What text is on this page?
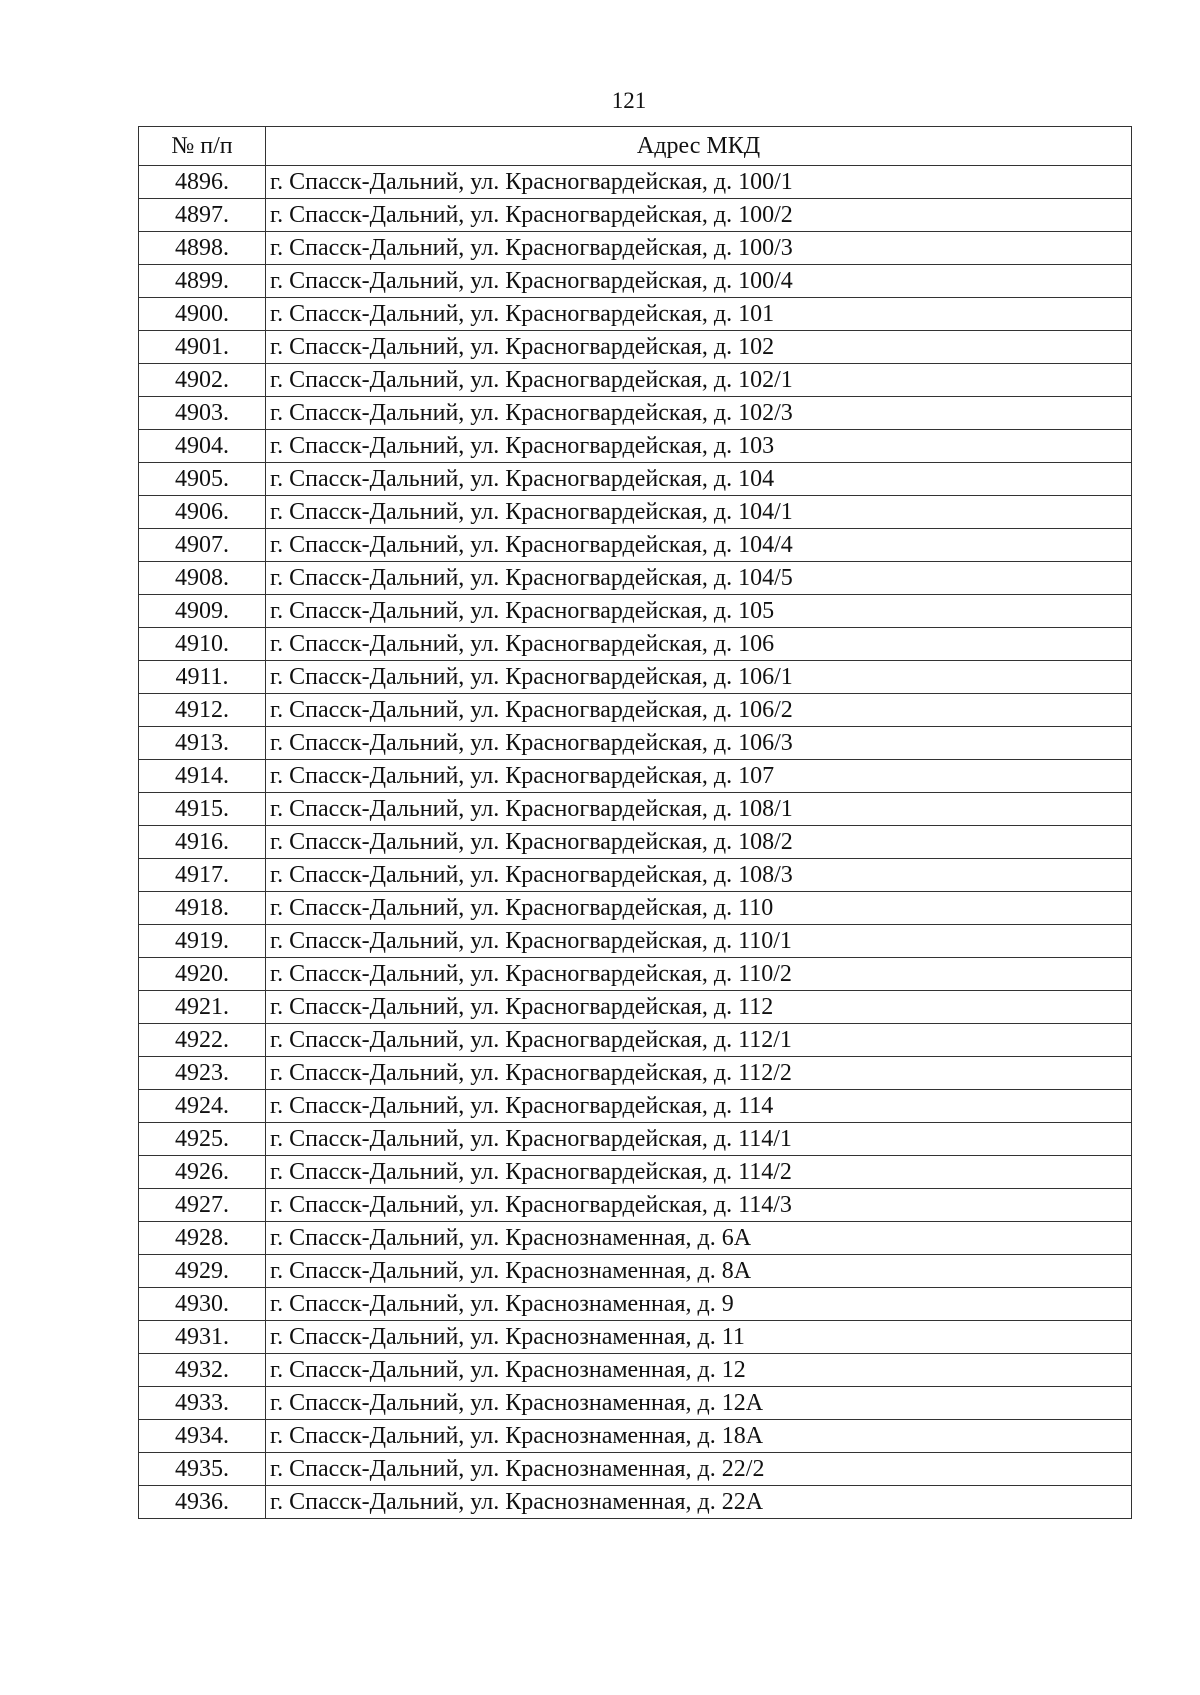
121
№ п/п	Адрес МКД
4896.	г. Спасск-Дальний, ул. Красногвардейская, д. 100/1
4897.	г. Спасск-Дальний, ул. Красногвардейская, д. 100/2
4898.	г. Спасск-Дальний, ул. Красногвардейская, д. 100/3
4899.	г. Спасск-Дальний, ул. Красногвардейская, д. 100/4
4900.	г. Спасск-Дальний, ул. Красногвардейская, д. 101
4901.	г. Спасск-Дальний, ул. Красногвардейская, д. 102
4902.	г. Спасск-Дальний, ул. Красногвардейская, д. 102/1
4903.	г. Спасск-Дальний, ул. Красногвардейская, д. 102/3
4904.	г. Спасск-Дальний, ул. Красногвардейская, д. 103
4905.	г. Спасск-Дальний, ул. Красногвардейская, д. 104
4906.	г. Спасск-Дальний, ул. Красногвардейская, д. 104/1
4907.	г. Спасск-Дальний, ул. Красногвардейская, д. 104/4
4908.	г. Спасск-Дальний, ул. Красногвардейская, д. 104/5
4909.	г. Спасск-Дальний, ул. Красногвардейская, д. 105
4910.	г. Спасск-Дальний, ул. Красногвардейская, д. 106
4911.	г. Спасск-Дальний, ул. Красногвардейская, д. 106/1
4912.	г. Спасск-Дальний, ул. Красногвардейская, д. 106/2
4913.	г. Спасск-Дальний, ул. Красногвардейская, д. 106/3
4914.	г. Спасск-Дальний, ул. Красногвардейская, д. 107
4915.	г. Спасск-Дальний, ул. Красногвардейская, д. 108/1
4916.	г. Спасск-Дальний, ул. Красногвардейская, д. 108/2
4917.	г. Спасск-Дальний, ул. Красногвардейская, д. 108/3
4918.	г. Спасск-Дальний, ул. Красногвардейская, д. 110
4919.	г. Спасск-Дальний, ул. Красногвардейская, д. 110/1
4920.	г. Спасск-Дальний, ул. Красногвардейская, д. 110/2
4921.	г. Спасск-Дальний, ул. Красногвардейская, д. 112
4922.	г. Спасск-Дальний, ул. Красногвардейская, д. 112/1
4923.	г. Спасск-Дальний, ул. Красногвардейская, д. 112/2
4924.	г. Спасск-Дальний, ул. Красногвардейская, д. 114
4925.	г. Спасск-Дальний, ул. Красногвардейская, д. 114/1
4926.	г. Спасск-Дальний, ул. Красногвардейская, д. 114/2
4927.	г. Спасск-Дальний, ул. Красногвардейская, д. 114/3
4928.	г. Спасск-Дальний, ул. Краснознаменная, д. 6А
4929.	г. Спасск-Дальний, ул. Краснознаменная, д. 8А
4930.	г. Спасск-Дальний, ул. Краснознаменная, д. 9
4931.	г. Спасск-Дальний, ул. Краснознаменная, д. 11
4932.	г. Спасск-Дальний, ул. Краснознаменная, д. 12
4933.	г. Спасск-Дальний, ул. Краснознаменная, д. 12А
4934.	г. Спасск-Дальний, ул. Краснознаменная, д. 18А
4935.	г. Спасск-Дальний, ул. Краснознаменная, д. 22/2
4936.	г. Спасск-Дальний, ул. Краснознаменная, д. 22А
